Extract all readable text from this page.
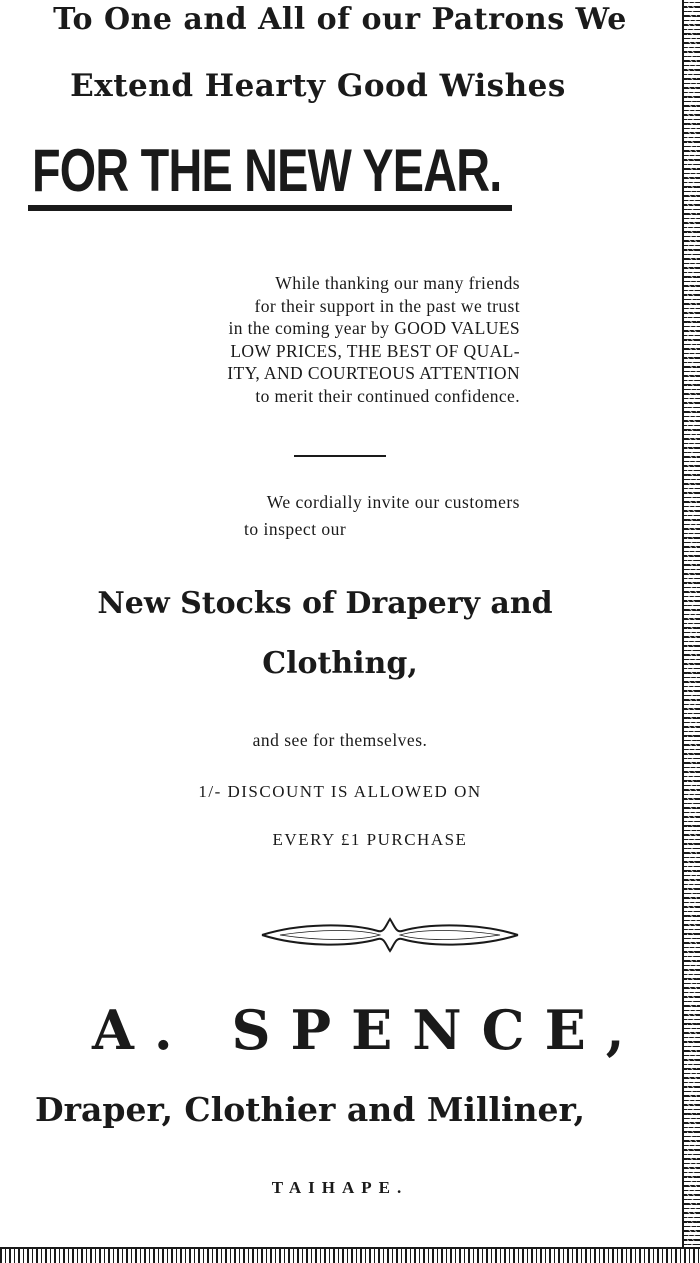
To One and All of our Patrons We
Extend Hearty Good Wishes
FOR THE NEW YEAR.
While thanking our many friends
for their support in the past we trust
in the coming year by GOOD VALUES
LOW PRICES, THE BEST OF QUAL-
ITY, AND COURTEOUS ATTENTION
to merit their continued confidence.
We cordially invite our customers
to inspect our
New Stocks of Drapery and
Clothing,
and see for themselves.
1/- DISCOUNT IS ALLOWED ON
EVERY £1 PURCHASE
A. SPENCE,
Draper, Clothier and Milliner,
TAIHAPE.
